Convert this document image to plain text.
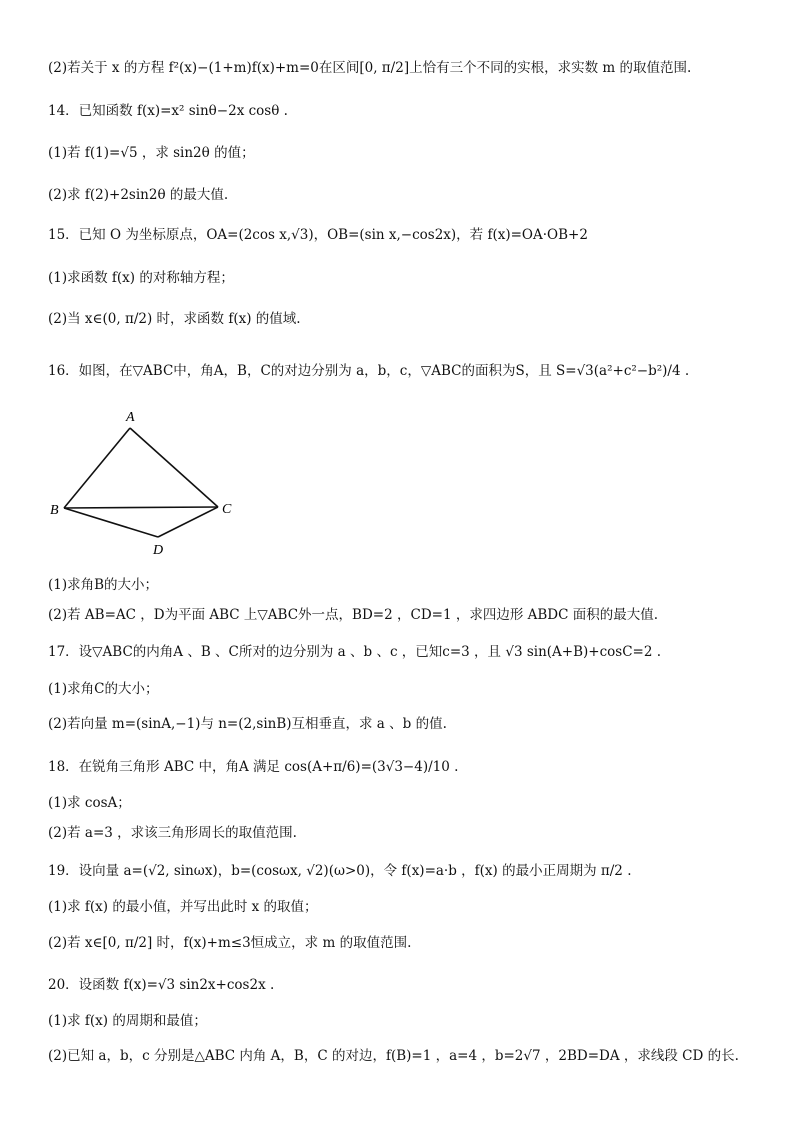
(2)若关于 x 的方程 f²(x)−(1+m)f(x)+m=0在区间[0, π/2]上恰有三个不同的实根，求实数 m 的取值范围.
14．已知函数 f(x)=x² sinθ−2x cosθ .
(1)若 f(1)=√5 ，求 sin2θ 的值；
(2)求 f(2)+2sin2θ 的最大值.
15．已知 O 为坐标原点，OA=(2cos x,√3)，OB=(sin x,−cos2x)，若 f(x)=OA·OB+2
(1)求函数 f(x) 的对称轴方程；
(2)当 x∈(0, π/2) 时，求函数 f(x) 的值域.
16．如图，在▽ABC中，角A，B，C的对边分别为 a，b，c，▽ABC的面积为S，且 S=√3(a²+c²−b²)/4 .
A
B	C
D
(1)求角B的大小；
(2)若 AB=AC ，D为平面 ABC 上▽ABC外一点，BD=2 ，CD=1 ，求四边形 ABDC 面积的最大值.
17．设▽ABC的内角A 、B 、C所对的边分别为 a 、b 、c ，已知c=3 ，且 √3 sin(A+B)+cosC=2 .
(1)求角C的大小；
(2)若向量 m=(sinA,−1)与 n=(2,sinB)互相垂直，求 a 、b 的值.
18．在锐角三角形 ABC 中，角A 满足 cos(A+π/6)=(3√3−4)/10 .
(1)求 cosA；
(2)若 a=3 ，求该三角形周长的取值范围.
19．设向量 a=(√2, sinωx)，b=(cosωx, √2)(ω>0)，令 f(x)=a·b ，f(x) 的最小正周期为 π/2 .
(1)求 f(x) 的最小值，并写出此时 x 的取值；
(2)若 x∈[0, π/2] 时，f(x)+m≤3恒成立，求 m 的取值范围.
20．设函数 f(x)=√3 sin2x+cos2x .
(1)求 f(x) 的周期和最值；
(2)已知 a，b，c 分别是△ABC 内角 A，B，C 的对边，f(B)=1 ，a=4 ，b=2√7 ，2BD=DA ，求线段 CD 的长.
